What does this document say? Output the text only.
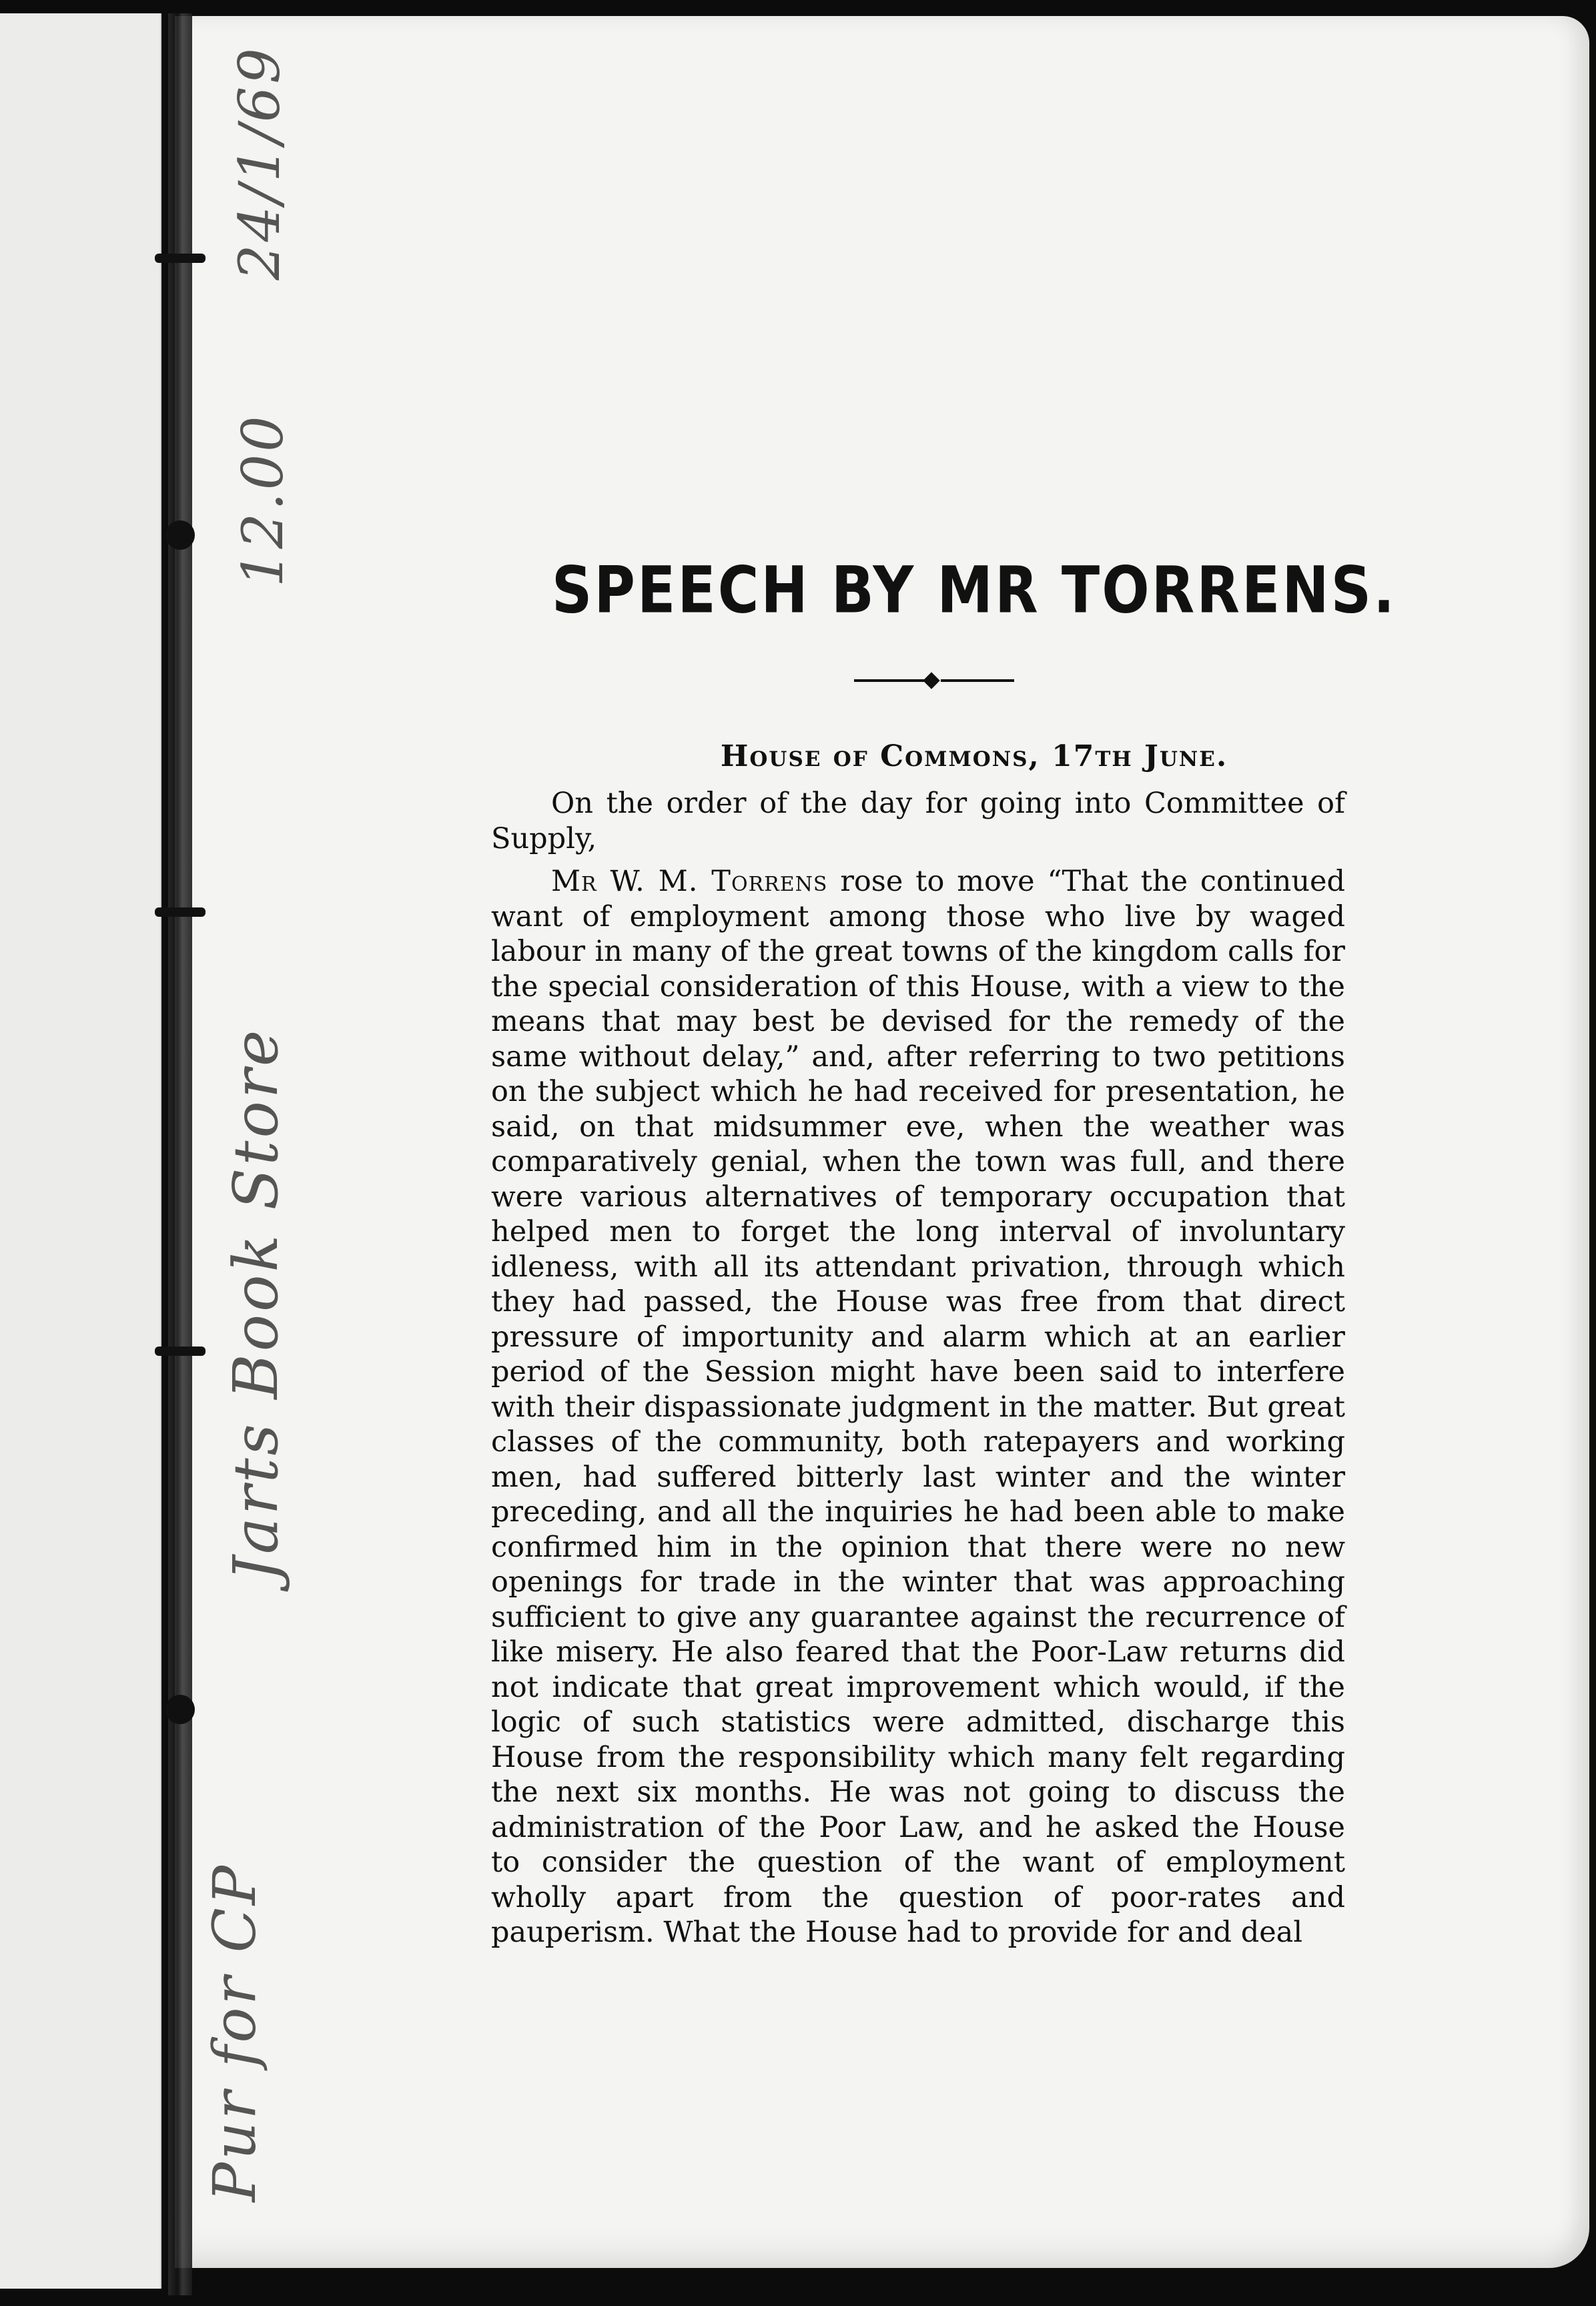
24/1/69
12.00
Jarts Book Store
Pur for CP
SPEECH BY MR TORRENS.
House of Commons, 17th June.

On the order of the day for going into Committee of Supply,

Mr W. M. Torrens rose to move “That the continued want of employment among those who live by waged labour in many of the great towns of the kingdom calls for the special consideration of this House, with a view to the means that may best be devised for the remedy of the same without delay,” and, after referring to two petitions on the subject which he had received for presentation, he said, on that midsummer eve, when the weather was comparatively genial, when the town was full, and there were various alternatives of temporary occupation that helped men to forget the long interval of involuntary idleness, with all its attendant privation, through which they had passed, the House was free from that direct pressure of importunity and alarm which at an earlier period of the Session might have been said to interfere with their dispassionate judgment in the matter. But great classes of the community, both ratepayers and working men, had suffered bitterly last winter and the winter preceding, and all the inquiries he had been able to make confirmed him in the opinion that there were no new openings for trade in the winter that was approaching sufficient to give any guarantee against the recurrence of like misery. He also feared that the Poor-Law returns did not indicate that great improvement which would, if the logic of such statistics were admitted, discharge this House from the responsibility which many felt regarding the next six months. He was not going to discuss the administration of the Poor Law, and he asked the House to consider the question of the want of employment wholly apart from the question of poor-rates and pauperism. What the House had to provide for and deal
